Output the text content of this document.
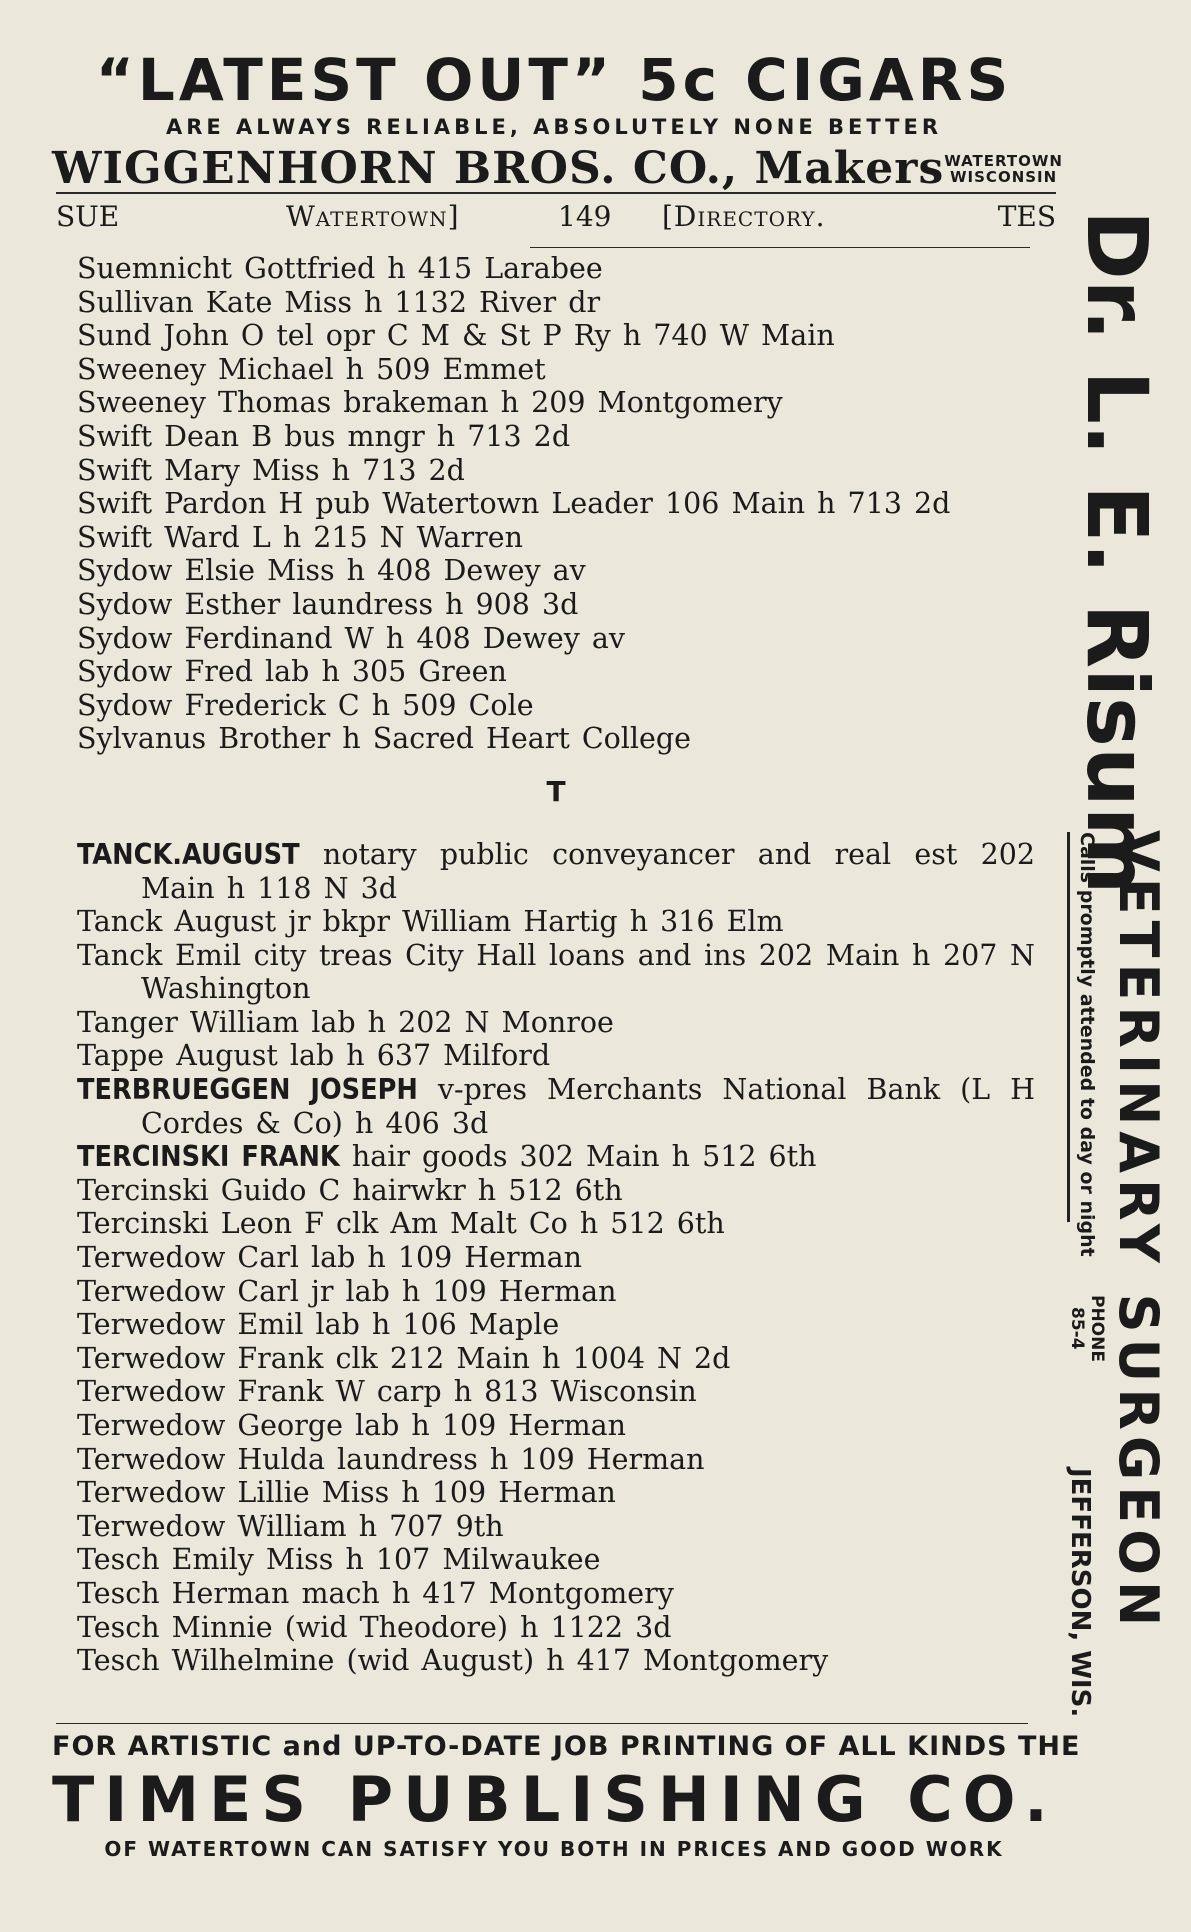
“LATEST OUT” 5c CIGARS
ARE ALWAYS RELIABLE, ABSOLUTELY NONE BETTER
WIGGENHORN BROS. CO., Makers WATERTOWN
WISCONSIN
SUE	Watertown]	149 [Directory.	TES
Suemnicht Gottfried h 415 Larabee
Sullivan Kate Miss h 1132 River dr
Sund John O tel opr C M & St P Ry h 740 W Main
Sweeney Michael h 509 Emmet
Sweeney Thomas brakeman h 209 Montgomery
Swift Dean B bus mngr h 713 2d
Swift Mary Miss h 713 2d
Swift Pardon H pub Watertown Leader 106 Main h 713 2d
Swift Ward L h 215 N Warren
Sydow Elsie Miss h 408 Dewey av
Sydow Esther laundress h 908 3d
Sydow Ferdinand W h 408 Dewey av
Sydow Fred lab h 305 Green
Sydow Frederick C h 509 Cole
Sylvanus Brother h Sacred Heart College
T
TANCK.AUGUST notary public conveyancer and real est 202 Main h 118 N 3d
Tanck August jr bkpr William Hartig h 316 Elm
Tanck Emil city treas City Hall loans and ins 202 Main h 207 N Washington
Tanger William lab h 202 N Monroe
Tappe August lab h 637 Milford
TERBRUEGGEN JOSEPH v-pres Merchants National Bank (L H Cordes & Co) h 406 3d
TERCINSKI FRANK hair goods 302 Main h 512 6th
Tercinski Guido C hairwkr h 512 6th
Tercinski Leon F clk Am Malt Co h 512 6th
Terwedow Carl lab h 109 Herman
Terwedow Carl jr lab h 109 Herman
Terwedow Emil lab h 106 Maple
Terwedow Frank clk 212 Main h 1004 N 2d
Terwedow Frank W carp h 813 Wisconsin
Terwedow George lab h 109 Herman
Terwedow Hulda laundress h 109 Herman
Terwedow Lillie Miss h 109 Herman
Terwedow William h 707 9th
Tesch Emily Miss h 107 Milwaukee
Tesch Herman mach h 417 Montgomery
Tesch Minnie (wid Theodore) h 1122 3d
Tesch Wilhelmine (wid August) h 417 Montgomery
FOR ARTISTIC and UP-TO-DATE JOB PRINTING OF ALL KINDS THE
TIMES PUBLISHING CO.
OF WATERTOWN CAN SATISFY YOU BOTH IN PRICES AND GOOD WORK
Dr. L. E. Risum
VETERINARY SURGEON
Calls promptly attended to day or night
PHONE
85-4
JEFFERSON, WIS.
